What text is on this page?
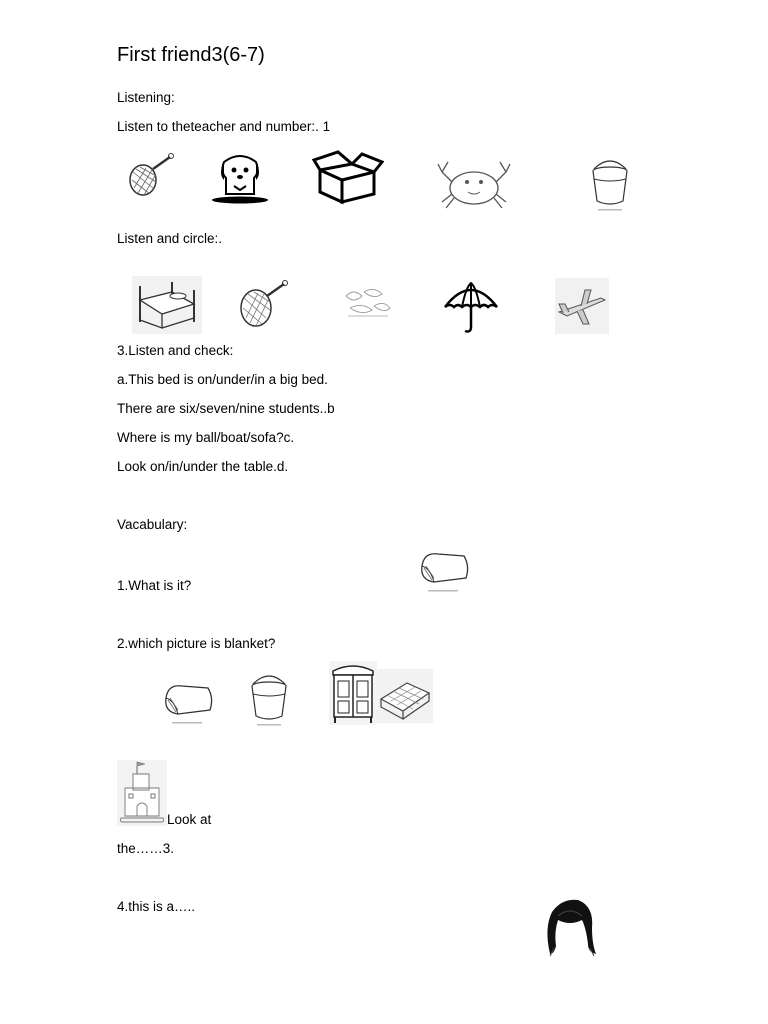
First friend3(6-7)
Listening:
Listen to theteacher and number:. 1
Listen and circle:.
3.Listen and check:
a.This bed is on/under/in a big bed.
There are six/seven/nine students..b
Where is my ball/boat/sofa?c.
Look on/in/under the table.d.
Vacabulary:
1.What is it?
2.which picture is blanket?
Look at
the……3.
4.this is a…..
